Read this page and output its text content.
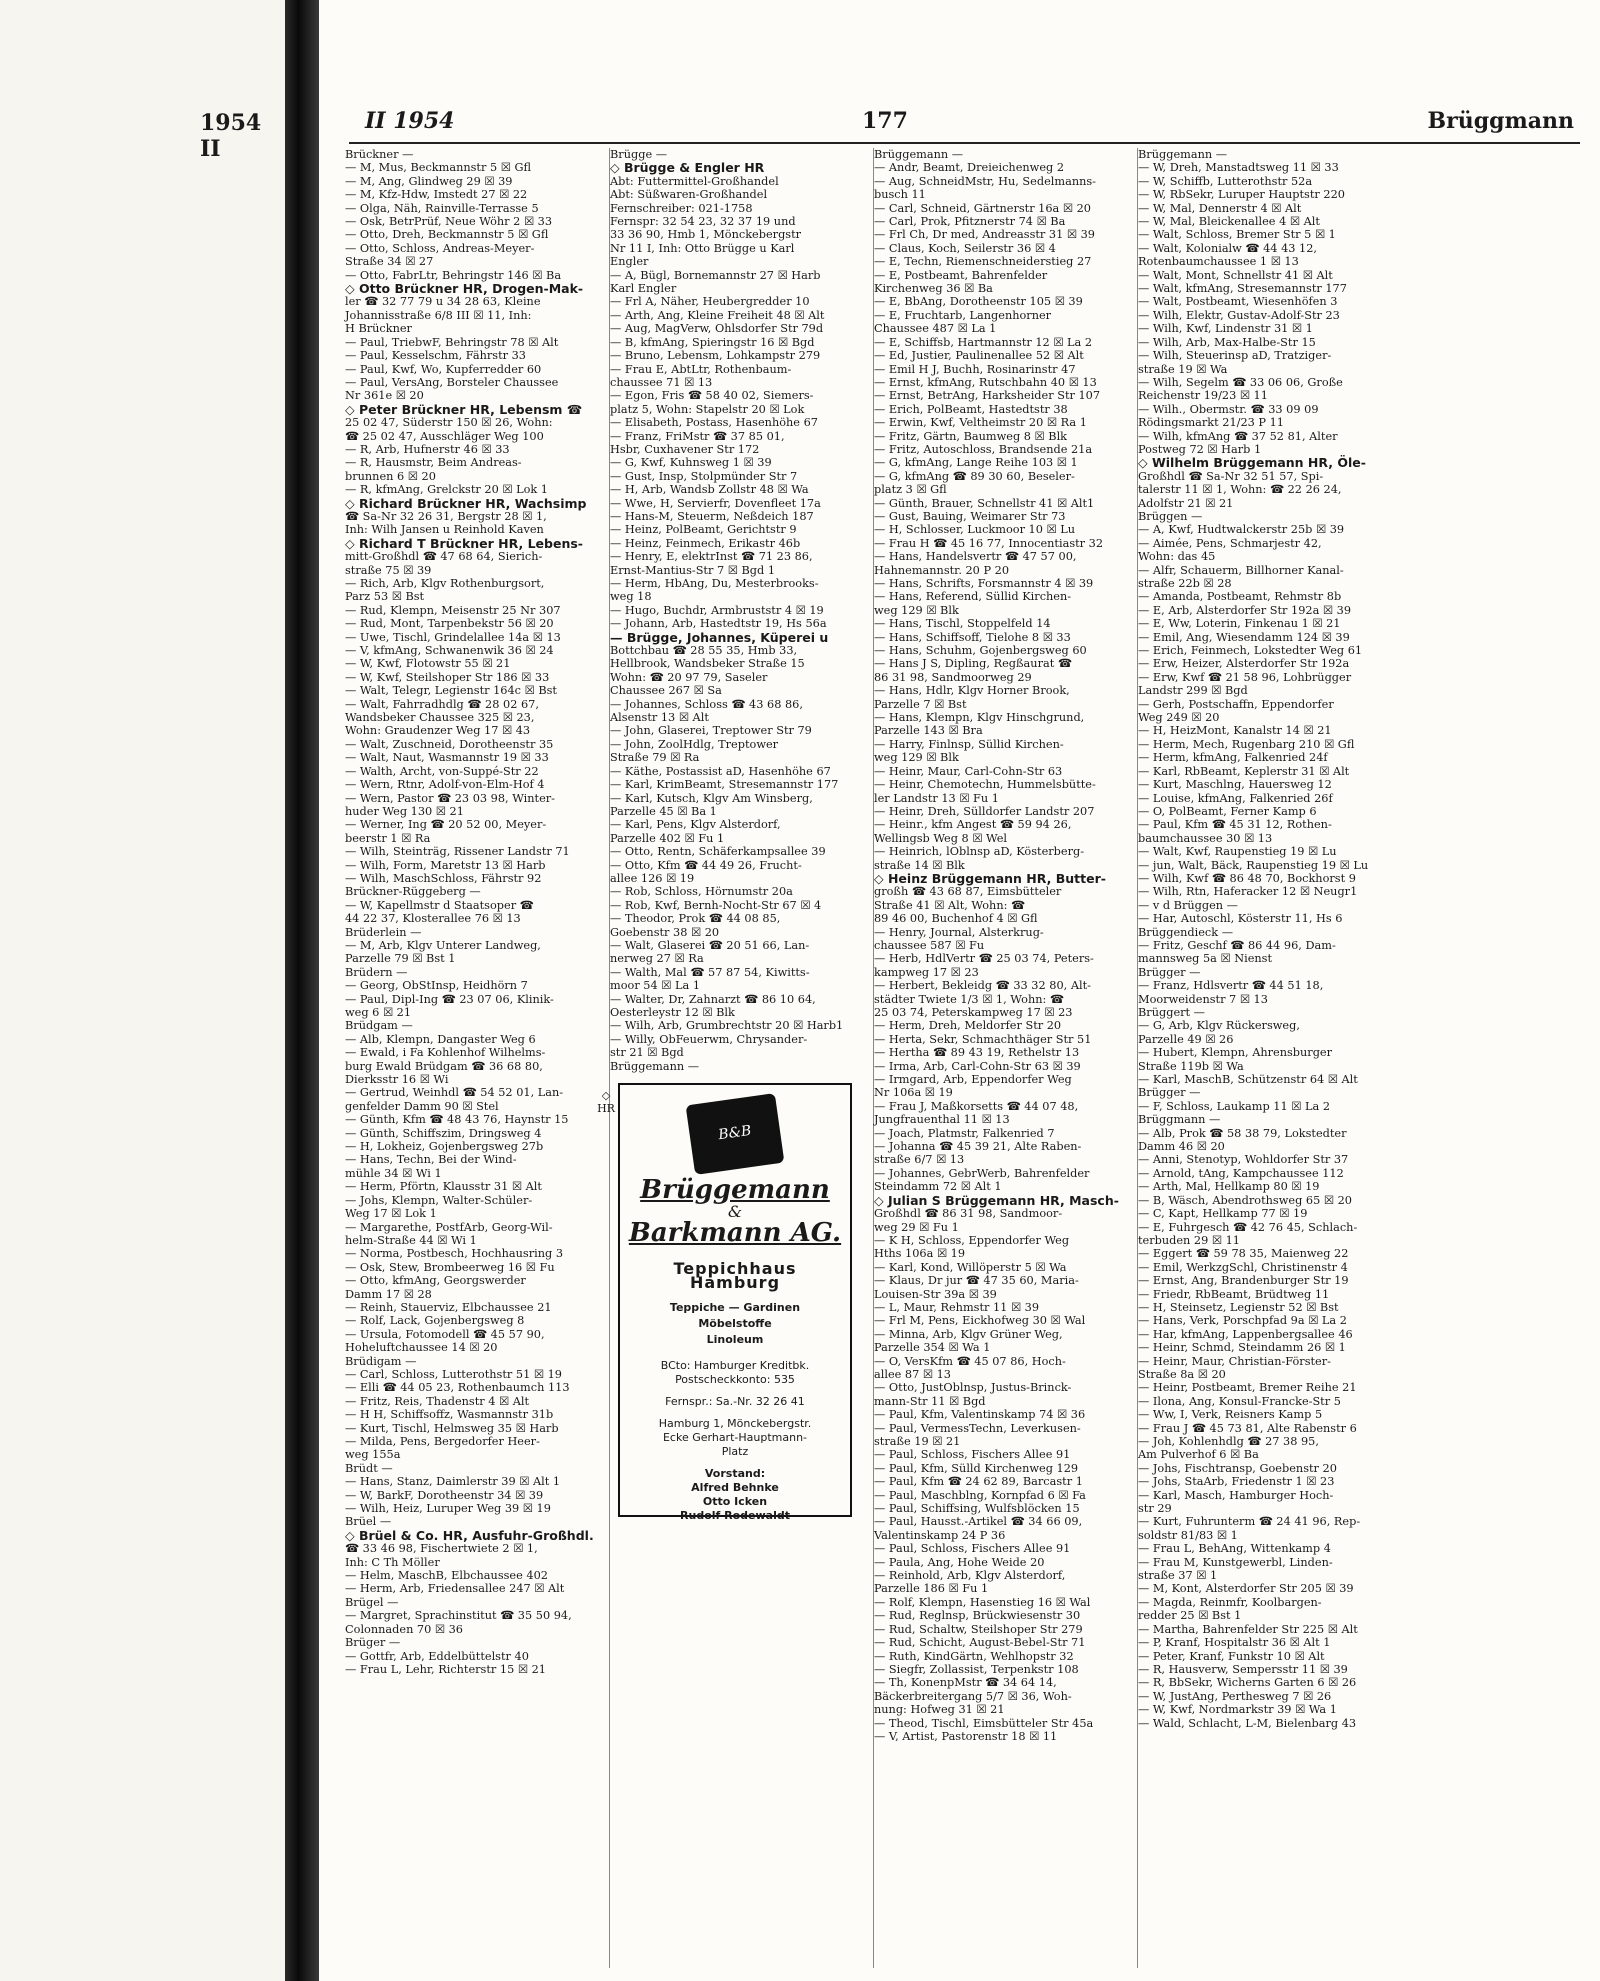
1954 II
II 1954	177	Brüggmann
Brückner —
— M, Mus, Beckmannstr 5 ☒ Gfl
— M, Ang, Glindweg 29 ☒ 39
— M, Kfz-Hdw, Imstedt 27 ☒ 22
— Olga, Näh, Rainville-Terrasse 5
— Osk, BetrPrüf, Neue Wöhr 2 ☒ 33
— Otto, Dreh, Beckmannstr 5 ☒ Gfl
— Otto, Schloss, Andreas-Meyer-
Straße 34 ☒ 27
— Otto, FabrLtr, Behringstr 146 ☒ Ba
◇ Otto Brückner HR, Drogen-Mak-
ler ☎ 32 77 79 u 34 28 63, Kleine
Johannisstraße 6/8 III ☒ 11, Inh:
H Brückner
— Paul, TriebwF, Behringstr 78 ☒ Alt
— Paul, Kesselschm, Fährstr 33
— Paul, Kwf, Wo, Kupferredder 60
— Paul, VersAng, Borsteler Chaussee
Nr 361e ☒ 20
◇ Peter Brückner HR, Lebensm ☎
25 02 47, Süderstr 150 ☒ 26, Wohn:
☎ 25 02 47, Ausschläger Weg 100
— R, Arb, Hufnerstr 46 ☒ 33
— R, Hausmstr, Beim Andreas-
brunnen 6 ☒ 20
— R, kfmAng, Grelckstr 20 ☒ Lok 1
◇ Richard Brückner HR, Wachsimp
☎ Sa-Nr 32 26 31, Bergstr 28 ☒ 1,
Inh: Wilh Jansen u Reinhold Kaven
◇ Richard T Brückner HR, Lebens-
mitt-Großhdl ☎ 47 68 64, Sierich-
straße 75 ☒ 39
— Rich, Arb, Klgv Rothenburgsort,
Parz 53 ☒ Bst
— Rud, Klempn, Meisenstr 25 Nr 307
— Rud, Mont, Tarpenbekstr 56 ☒ 20
— Uwe, Tischl, Grindelallee 14a ☒ 13
— V, kfmAng, Schwanenwik 36 ☒ 24
— W, Kwf, Flotowstr 55 ☒ 21
— W, Kwf, Steilshoper Str 186 ☒ 33
— Walt, Telegr, Legienstr 164c ☒ Bst
— Walt, Fahrradhdlg ☎ 28 02 67,
Wandsbeker Chaussee 325 ☒ 23,
Wohn: Graudenzer Weg 17 ☒ 43
— Walt, Zuschneid, Dorotheenstr 35
— Walt, Naut, Wasmannstr 19 ☒ 33
— Walth, Archt, von-Suppé-Str 22
— Wern, Rtnr, Adolf-von-Elm-Hof 4
— Wern, Pastor ☎ 23 03 98, Winter-
huder Weg 130 ☒ 21
— Werner, Ing ☎ 20 52 00, Meyer-
beerstr 1 ☒ Ra
— Wilh, Steinträg, Rissener Landstr 71
— Wilh, Form, Maretstr 13 ☒ Harb
— Wilh, MaschSchloss, Fährstr 92
Brückner-Rüggeberg —
— W, Kapellmstr d Staatsoper ☎
44 22 37, Klosterallee 76 ☒ 13
Brüderlein —
— M, Arb, Klgv Unterer Landweg,
Parzelle 79 ☒ Bst 1
Brüdern —
— Georg, ObStInsp, Heidhörn 7
— Paul, Dipl-Ing ☎ 23 07 06, Klinik-
weg 6 ☒ 21
Brüdgam —
— Alb, Klempn, Dangaster Weg 6
— Ewald, i Fa Kohlenhof Wilhelms-
burg Ewald Brüdgam ☎ 36 68 80,
Dierksstr 16 ☒ Wi
— Gertrud, Weinhdl ☎ 54 52 01, Lan-
genfelder Damm 90 ☒ Stel
— Günth, Kfm ☎ 48 43 76, Haynstr 15
— Günth, Schiffszim, Dringsweg 4
— H, Lokheiz, Gojenbergsweg 27b
— Hans, Techn, Bei der Wind-
mühle 34 ☒ Wi 1
— Herm, Pförtn, Klausstr 31 ☒ Alt
— Johs, Klempn, Walter-Schüler-
Weg 17 ☒ Lok 1
— Margarethe, PostfArb, Georg-Wil-
helm-Straße 44 ☒ Wi 1
— Norma, Postbesch, Hochhausring 3
— Osk, Stew, Brombeerweg 16 ☒ Fu
— Otto, kfmAng, Georgswerder
Damm 17 ☒ 28
— Reinh, Stauerviz, Elbchaussee 21
— Rolf, Lack, Gojenbergsweg 8
— Ursula, Fotomodell ☎ 45 57 90,
Hoheluftchaussee 14 ☒ 20
Brüdigam —
— Carl, Schloss, Lutterothstr 51 ☒ 19
— Elli ☎ 44 05 23, Rothenbaumch 113
— Fritz, Reis, Thadenstr 4 ☒ Alt
— H H, Schiffsoffz, Wasmannstr 31b
— Kurt, Tischl, Helmsweg 35 ☒ Harb
— Milda, Pens, Bergedorfer Heer-
weg 155a
Brüdt —
— Hans, Stanz, Daimlerstr 39 ☒ Alt 1
— W, BarkF, Dorotheenstr 34 ☒ 39
— Wilh, Heiz, Luruper Weg 39 ☒ 19
Brüel —
◇ Brüel & Co. HR, Ausfuhr-Großhdl.
☎ 33 46 98, Fischertwiete 2 ☒ 1,
Inh: C Th Möller
— Helm, MaschB, Elbchaussee 402
— Herm, Arb, Friedensallee 247 ☒ Alt
Brügel —
— Margret, Sprachinstitut ☎ 35 50 94,
Colonnaden 70 ☒ 36
Brüger —
— Gottfr, Arb, Eddelbüttelstr 40
— Frau L, Lehr, Richterstr 15 ☒ 21
Brügge —
◇ Brügge & Engler HR
Abt: Futtermittel-Großhandel
Abt: Süßwaren-Großhandel
Fernschreiber: 021-1758
Fernspr: 32 54 23, 32 37 19 und
33 36 90, Hmb 1, Mönckebergstr
Nr 11 I, Inh: Otto Brügge u Karl
Engler
— A, Bügl, Bornemannstr 27 ☒ Harb
Karl Engler
— Frl A, Näher, Heubergredder 10
— Arth, Ang, Kleine Freiheit 48 ☒ Alt
— Aug, MagVerw, Ohlsdorfer Str 79d
— B, kfmAng, Spieringstr 16 ☒ Bgd
— Bruno, Lebensm, Lohkampstr 279
— Frau E, AbtLtr, Rothenbaum-
chaussee 71 ☒ 13
— Egon, Fris ☎ 58 40 02, Siemers-
platz 5, Wohn: Stapelstr 20 ☒ Lok
— Elisabeth, Postass, Hasenhöhe 67
— Franz, FriMstr ☎ 37 85 01,
Hsbr, Cuxhavener Str 172
— G, Kwf, Kuhnsweg 1 ☒ 39
— Gust, Insp, Stolpmünder Str 7
— H, Arb, Wandsb Zollstr 48 ☒ Wa
— Wwe, H, Servierfr, Dovenfleet 17a
— Hans-M, Steuerm, Neßdeich 187
— Heinz, PolBeamt, Gerichtstr 9
— Heinz, Feinmech, Erikastr 46b
— Henry, E, elektrInst ☎ 71 23 86,
Ernst-Mantius-Str 7 ☒ Bgd 1
— Herm, HbAng, Du, Mesterbrooks-
weg 18
— Hugo, Buchdr, Armbruststr 4 ☒ 19
— Johann, Arb, Hastedtstr 19, Hs 56a
— Brügge, Johannes, Küperei u
Bottchbau ☎ 28 55 35, Hmb 33,
Hellbrook, Wandsbeker Straße 15
Wohn: ☎ 20 97 79, Saseler
Chaussee 267 ☒ Sa
— Johannes, Schloss ☎ 43 68 86,
Alsenstr 13 ☒ Alt
— John, Glaserei, Treptower Str 79
— John, ZoolHdlg, Treptower
Straße 79 ☒ Ra
— Käthe, Postassist aD, Hasenhöhe 67
— Karl, KrimBeamt, Stresemannstr 177
— Karl, Kutsch, Klgv Am Winsberg,
Parzelle 45 ☒ Ba 1
— Karl, Pens, Klgv Alsterdorf,
Parzelle 402 ☒ Fu 1
— Otto, Rentn, Schäferkampsallee 39
— Otto, Kfm ☎ 44 49 26, Frucht-
allee 126 ☒ 19
— Rob, Schloss, Hörnumstr 20a
— Rob, Kwf, Bernh-Nocht-Str 67 ☒ 4
— Theodor, Prok ☎ 44 08 85,
Goebenstr 38 ☒ 20
— Walt, Glaserei ☎ 20 51 66, Lan-
nerweg 27 ☒ Ra
— Walth, Mal ☎ 57 87 54, Kiwitts-
moor 54 ☒ La 1
— Walter, Dr, Zahnarzt ☎ 86 10 64,
Oesterleystr 12 ☒ Blk
— Wilh, Arb, Grumbrechtstr 20 ☒ Harb1
— Willy, ObFeuerwm, Chrysander-
str 21 ☒ Bgd
Brüggemann —
◇ HR
B&B
Brüggemann
&
Barkmann AG.
Teppichhaus
Hamburg
Teppiche — Gardinen
Möbelstoffe
Linoleum
BCto: Hamburger Kreditbk.
Postscheckkonto: 535
Fernspr.: Sa.-Nr. 32 26 41
Hamburg 1, Mönckebergstr.
Ecke Gerhart-Hauptmann-
Platz
Vorstand:
Alfred Behnke
Otto Icken
Rudolf Rodewaldt
Brüggemann —
— Andr, Beamt, Dreieichenweg 2
— Aug, SchneidMstr, Hu, Sedelmanns-
busch 11
— Carl, Schneid, Gärtnerstr 16a ☒ 20
— Carl, Prok, Pfitznerstr 74 ☒ Ba
— Frl Ch, Dr med, Andreasstr 31 ☒ 39
— Claus, Koch, Seilerstr 36 ☒ 4
— E, Techn, Riemenschneiderstieg 27
— E, Postbeamt, Bahrenfelder
Kirchenweg 36 ☒ Ba
— E, BbAng, Dorotheenstr 105 ☒ 39
— E, Fruchtarb, Langenhorner
Chaussee 487 ☒ La 1
— E, Schiffsb, Hartmannstr 12 ☒ La 2
— Ed, Justier, Paulinenallee 52 ☒ Alt
— Emil H J, Buchh, Rosinarinstr 47
— Ernst, kfmAng, Rutschbahn 40 ☒ 13
— Ernst, BetrAng, Harksheider Str 107
— Erich, PolBeamt, Hastedtstr 38
— Erwin, Kwf, Veltheimstr 20 ☒ Ra 1
— Fritz, Gärtn, Baumweg 8 ☒ Blk
— Fritz, Autoschloss, Brandsende 21a
— G, kfmAng, Lange Reihe 103 ☒ 1
— G, kfmAng ☎ 89 30 60, Beseler-
platz 3 ☒ Gfl
— Günth, Brauer, Schnellstr 41 ☒ Alt1
— Gust, Bauing, Weimarer Str 73
— H, Schlosser, Luckmoor 10 ☒ Lu
— Frau H ☎ 45 16 77, Innocentiastr 32
— Hans, Handelsvertr ☎ 47 57 00,
Hahnemannstr. 20 P 20
— Hans, Schrifts, Forsmannstr 4 ☒ 39
— Hans, Referend, Süllid Kirchen-
weg 129 ☒ Blk
— Hans, Tischl, Stoppelfeld 14
— Hans, Schiffsoff, Tielohe 8 ☒ 33
— Hans, Schuhm, Gojenbergsweg 60
— Hans J S, Dipling, Regßaurat ☎
86 31 98, Sandmoorweg 29
— Hans, Hdlr, Klgv Horner Brook,
Parzelle 7 ☒ Bst
— Hans, Klempn, Klgv Hinschgrund,
Parzelle 143 ☒ Bra
— Harry, Finlnsp, Süllid Kirchen-
weg 129 ☒ Blk
— Heinr, Maur, Carl-Cohn-Str 63
— Heinr, Chemotechn, Hummelsbütte-
ler Landstr 13 ☒ Fu 1
— Heinr, Dreh, Sülldorfer Landstr 207
— Heinr., kfm Angest ☎ 59 94 26,
Wellingsb Weg 8 ☒ Wel
— Heinrich, lOblnsp aD, Kösterberg-
straße 14 ☒ Blk
◇ Heinz Brüggemann HR, Butter-
großh ☎ 43 68 87, Eimsbütteler
Straße 41 ☒ Alt, Wohn: ☎
89 46 00, Buchenhof 4 ☒ Gfl
— Henry, Journal, Alsterkrug-
chaussee 587 ☒ Fu
— Herb, HdlVertr ☎ 25 03 74, Peters-
kampweg 17 ☒ 23
— Herbert, Bekleidg ☎ 33 32 80, Alt-
städter Twiete 1/3 ☒ 1, Wohn: ☎
25 03 74, Peterskampweg 17 ☒ 23
— Herm, Dreh, Meldorfer Str 20
— Herta, Sekr, Schmachthäger Str 51
— Hertha ☎ 89 43 19, Rethelstr 13
— Irma, Arb, Carl-Cohn-Str 63 ☒ 39
— Irmgard, Arb, Eppendorfer Weg
Nr 106a ☒ 19
— Frau J, Maßkorsetts ☎ 44 07 48,
Jungfrauenthal 11 ☒ 13
— Joach, Platmstr, Falkenried 7
— Johanna ☎ 45 39 21, Alte Raben-
straße 6/7 ☒ 13
— Johannes, GebrWerb, Bahrenfelder
Steindamm 72 ☒ Alt 1
◇ Julian S Brüggemann HR, Masch-
Großhdl ☎ 86 31 98, Sandmoor-
weg 29 ☒ Fu 1
— K H, Schloss, Eppendorfer Weg
Hths 106a ☒ 19
— Karl, Kond, Willöperstr 5 ☒ Wa
— Klaus, Dr jur ☎ 47 35 60, Maria-
Louisen-Str 39a ☒ 39
— L, Maur, Rehmstr 11 ☒ 39
— Frl M, Pens, Eickhofweg 30 ☒ Wal
— Minna, Arb, Klgv Grüner Weg,
Parzelle 354 ☒ Wa 1
— O, VersKfm ☎ 45 07 86, Hoch-
allee 87 ☒ 13
— Otto, JustOblnsp, Justus-Brinck-
mann-Str 11 ☒ Bgd
— Paul, Kfm, Valentinskamp 74 ☒ 36
— Paul, VermessTechn, Leverkusen-
straße 19 ☒ 21
— Paul, Schloss, Fischers Allee 91
— Paul, Kfm, Sülld Kirchenweg 129
— Paul, Kfm ☎ 24 62 89, Barcastr 1
— Paul, Maschblng, Kornpfad 6 ☒ Fa
— Paul, Schiffsing, Wulfsblöcken 15
— Paul, Hausst.-Artikel ☎ 34 66 09,
Valentinskamp 24 P 36
— Paul, Schloss, Fischers Allee 91
— Paula, Ang, Hohe Weide 20
— Reinhold, Arb, Klgv Alsterdorf,
Parzelle 186 ☒ Fu 1
— Rolf, Klempn, Hasenstieg 16 ☒ Wal
— Rud, Reglnsp, Brückwiesenstr 30
— Rud, Schaltw, Steilshoper Str 279
— Rud, Schicht, August-Bebel-Str 71
— Ruth, KindGärtn, Wehlhopstr 32
— Siegfr, Zollassist, Terpenkstr 108
— Th, KonenpMstr ☎ 34 64 14,
Bäckerbreitergang 5/7 ☒ 36, Woh-
nung: Hofweg 31 ☒ 21
— Theod, Tischl, Eimsbütteler Str 45a
— V, Artist, Pastorenstr 18 ☒ 11
Brüggemann —
— W, Dreh, Manstadtsweg 11 ☒ 33
— W, Schiffb, Lutterothstr 52a
— W, RbSekr, Luruper Hauptstr 220
— W, Mal, Dennerstr 4 ☒ Alt
— W, Mal, Bleickenallee 4 ☒ Alt
— Walt, Schloss, Bremer Str 5 ☒ 1
— Walt, Kolonialw ☎ 44 43 12,
Rotenbaumchaussee 1 ☒ 13
— Walt, Mont, Schnellstr 41 ☒ Alt
— Walt, kfmAng, Stresemannstr 177
— Walt, Postbeamt, Wiesenhöfen 3
— Wilh, Elektr, Gustav-Adolf-Str 23
— Wilh, Kwf, Lindenstr 31 ☒ 1
— Wilh, Arb, Max-Halbe-Str 15
— Wilh, Steuerinsp aD, Tratziger-
straße 19 ☒ Wa
— Wilh, Segelm ☎ 33 06 06, Große
Reichenstr 19/23 ☒ 11
— Wilh., Obermstr. ☎ 33 09 09
Rödingsmarkt 21/23 P 11
— Wilh, kfmAng ☎ 37 52 81, Alter
Postweg 72 ☒ Harb 1
◇ Wilhelm Brüggemann HR, Öle-
Großhdl ☎ Sa-Nr 32 51 57, Spi-
talerstr 11 ☒ 1, Wohn: ☎ 22 26 24,
Adolfstr 21 ☒ 21
Brüggen —
— A, Kwf, Hudtwalckerstr 25b ☒ 39
— Aimée, Pens, Schmarjestr 42,
Wohn: das 45
— Alfr, Schauerm, Billhorner Kanal-
straße 22b ☒ 28
— Amanda, Postbeamt, Rehmstr 8b
— E, Arb, Alsterdorfer Str 192a ☒ 39
— E, Ww, Loterin, Finkenau 1 ☒ 21
— Emil, Ang, Wiesendamm 124 ☒ 39
— Erich, Feinmech, Lokstedter Weg 61
— Erw, Heizer, Alsterdorfer Str 192a
— Erw, Kwf ☎ 21 58 96, Lohbrügger
Landstr 299 ☒ Bgd
— Gerh, Postschaffn, Eppendorfer
Weg 249 ☒ 20
— H, HeizMont, Kanalstr 14 ☒ 21
— Herm, Mech, Rugenbarg 210 ☒ Gfl
— Herm, kfmAng, Falkenried 24f
— Karl, RbBeamt, Keplerstr 31 ☒ Alt
— Kurt, Maschlng, Hauersweg 12
— Louise, kfmAng, Falkenried 26f
— O, PolBeamt, Ferner Kamp 6
— Paul, Kfm ☎ 45 31 12, Rothen-
baumchaussee 30 ☒ 13
— Walt, Kwf, Raupenstieg 19 ☒ Lu
— jun, Walt, Bäck, Raupenstieg 19 ☒ Lu
— Wilh, Kwf ☎ 86 48 70, Bockhorst 9
— Wilh, Rtn, Haferacker 12 ☒ Neugr1
— v d Brüggen —
— Har, Autoschl, Kösterstr 11, Hs 6
Brüggendieck —
— Fritz, Geschf ☎ 86 44 96, Dam-
mannsweg 5a ☒ Nienst
Brügger —
— Franz, Hdlsvertr ☎ 44 51 18,
Moorweidenstr 7 ☒ 13
Brüggert —
— G, Arb, Klgv Rückersweg,
Parzelle 49 ☒ 26
— Hubert, Klempn, Ahrensburger
Straße 119b ☒ Wa
— Karl, MaschB, Schützenstr 64 ☒ Alt
Brügger —
— F, Schloss, Laukamp 11 ☒ La 2
Brüggmann —
— Alb, Prok ☎ 58 38 79, Lokstedter
Damm 46 ☒ 20
— Anni, Stenotyp, Wohldorfer Str 37
— Arnold, tAng, Kampchaussee 112
— Arth, Mal, Hellkamp 80 ☒ 19
— B, Wäsch, Abendrothsweg 65 ☒ 20
— C, Kapt, Hellkamp 77 ☒ 19
— E, Fuhrgesch ☎ 42 76 45, Schlach-
terbuden 29 ☒ 11
— Eggert ☎ 59 78 35, Maienweg 22
— Emil, WerkzgSchl, Christinenstr 4
— Ernst, Ang, Brandenburger Str 19
— Friedr, RbBeamt, Brüdtweg 11
— H, Steinsetz, Legienstr 52 ☒ Bst
— Hans, Verk, Porschpfad 9a ☒ La 2
— Har, kfmAng, Lappenbergsallee 46
— Heinr, Schmd, Steindamm 26 ☒ 1
— Heinr, Maur, Christian-Förster-
Straße 8a ☒ 20
— Heinr, Postbeamt, Bremer Reihe 21
— Ilona, Ang, Konsul-Francke-Str 5
— Ww, I, Verk, Reisners Kamp 5
— Frau J ☎ 45 73 81, Alte Rabenstr 6
— Joh, Kohlenhdlg ☎ 27 38 95,
Am Pulverhof 6 ☒ Ba
— Johs, Fischtransp, Goebenstr 20
— Johs, StaArb, Friedenstr 1 ☒ 23
— Karl, Masch, Hamburger Hoch-
str 29
— Kurt, Fuhrunterm ☎ 24 41 96, Rep-
soldstr 81/83 ☒ 1
— Frau L, BehAng, Wittenkamp 4
— Frau M, Kunstgewerbl, Linden-
straße 37 ☒ 1
— M, Kont, Alsterdorfer Str 205 ☒ 39
— Magda, Reinmfr, Koolbargen-
redder 25 ☒ Bst 1
— Martha, Bahrenfelder Str 225 ☒ Alt
— P, Kranf, Hospitalstr 36 ☒ Alt 1
— Peter, Kranf, Funkstr 10 ☒ Alt
— R, Hausverw, Sempersstr 11 ☒ 39
— R, BbSekr, Wicherns Garten 6 ☒ 26
— W, JustAng, Perthesweg 7 ☒ 26
— W, Kwf, Nordmarkstr 39 ☒ Wa 1
— Wald, Schlacht, L-M, Bielenbarg 43
